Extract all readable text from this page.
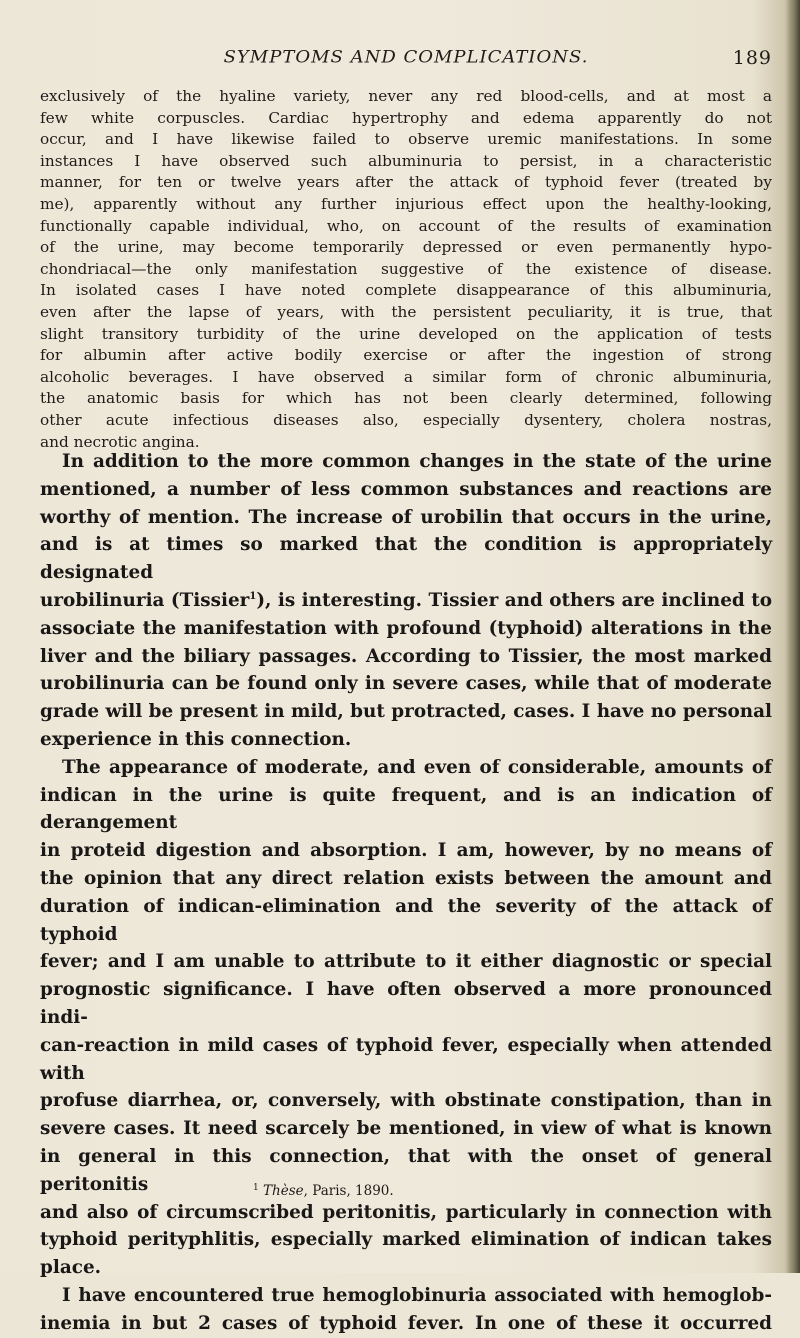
SYMPTOMS AND COMPLICATIONS.	189

exclusively of the hyaline variety, never any red blood-cells, and at most a

few white corpuscles. Cardiac hypertrophy and edema apparently do not

occur, and I have likewise failed to observe uremic manifestations. In some

instances I have observed such albuminuria to persist, in a characteristic

manner, for ten or twelve years after the attack of typhoid fever (treated by

me), apparently without any further injurious effect upon the healthy-looking,

functionally capable individual, who, on account of the results of examination

of the urine, may become temporarily depressed or even permanently hypo-

chondriacal—the only manifestation suggestive of the existence of disease.

In isolated cases I have noted complete disappearance of this albuminuria,

even after the lapse of years, with the persistent peculiarity, it is true, that

slight transitory turbidity of the urine developed on the application of tests

for albumin after active bodily exercise or after the ingestion of strong

alcoholic beverages. I have observed a similar form of chronic albuminuria,

the anatomic basis for which has not been clearly determined, following

other acute infectious diseases also, especially dysentery, cholera nostras,

and necrotic angina.

In addition to the more common changes in the state of the urine

mentioned, a number of less common substances and reactions are

worthy of mention. The increase of urobilin that occurs in the urine,

and is at times so marked that the condition is appropriately designated

urobilinuria (Tissier$^1$), is interesting. Tissier and others are inclined to

associate the manifestation with profound (typhoid) alterations in the

liver and the biliary passages. According to Tissier, the most marked

urobilinuria can be found only in severe cases, while that of moderate

grade will be present in mild, but protracted, cases. I have no personal

experience in this connection.

The appearance of moderate, and even of considerable, amounts of

indican in the urine is quite frequent, and is an indication of derangement

in proteid digestion and absorption. I am, however, by no means of

the opinion that any direct relation exists between the amount and

duration of indican-elimination and the severity of the attack of typhoid

fever; and I am unable to attribute to it either diagnostic or special

prognostic significance. I have often observed a more pronounced indi-

can-reaction in mild cases of typhoid fever, especially when attended with

profuse diarrhea, or, conversely, with obstinate constipation, than in

severe cases. It need scarcely be mentioned, in view of what is known

in general in this connection, that with the onset of general peritonitis

and also of circumscribed peritonitis, particularly in connection with

typhoid perityphlitis, especially marked elimination of indican takes

place.

I have encountered true hemoglobinuria associated with hemoglob-

inemia in but 2 cases of typhoid fever. In one of these it occurred

$^1$ Thèse, Paris, 1890.
